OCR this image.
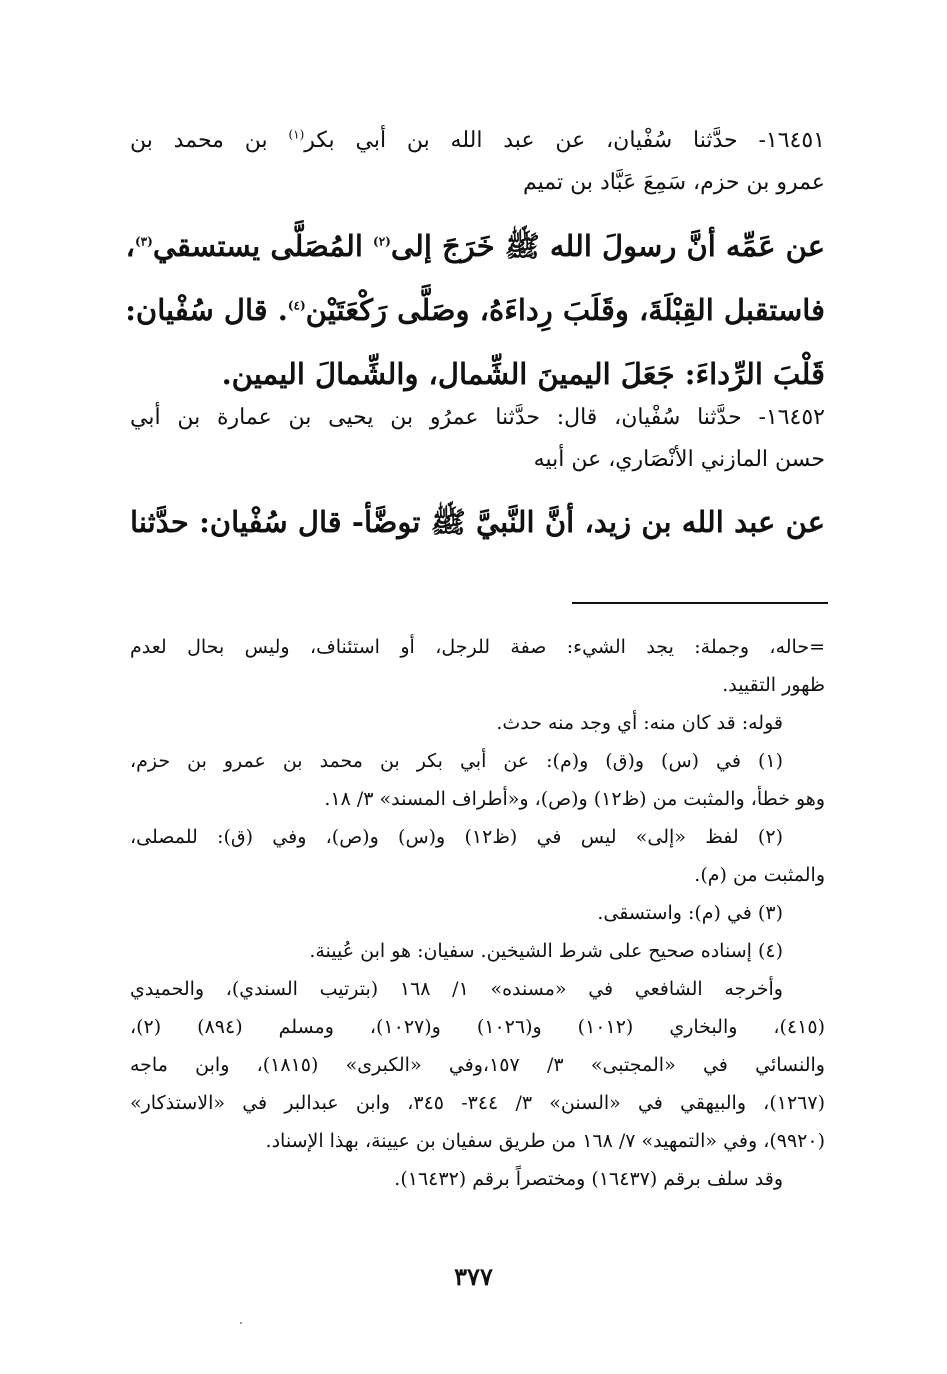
١٦٤٥١- حدَّثنا سُفْيان، عن عبد الله بن أبي بكر$^{(١)}$ بن محمد بن
عمرو بن حزم، سَمِعَ عَبَّاد بن تميم
عن عَمِّه أنَّ رسولَ الله ﷺ خَرَجَ إلى$^{(٢)}$ المُصَلَّى يستسقي$^{(٣)}$،
فاستقبل القِبْلَةَ، وقَلَبَ رِداءَهُ، وصَلَّى رَكْعَتَيْن$^{(٤)}$. قال سُفْيان:
قَلْبَ الرِّداءَ: جَعَلَ اليمينَ الشِّمال، والشِّمالَ اليمين.
١٦٤٥٢- حدَّثنا سُفْيان، قال: حدَّثنا عمرُو بن يحيى بن عمارة بن أبي
حسن المازني الأنْصَاري، عن أبيه
عن عبد الله بن زيد، أنَّ النَّبيَّ ﷺ توضَّأ- قال سُفْيان: حدَّثنا
=حاله، وجملة: يجد الشيء: صفة للرجل، أو استئناف، وليس بحال لعدم
ظهور التقييد.
قوله: قد كان منه: أي وجد منه حدث.
(١) في (س) و(ق) و(م): عن أبي بكر بن محمد بن عمرو بن حزم،
وهو خطأ، والمثبت من (ظ١٢) و(ص)، و«أطراف المسند» ٣/ ١٨.
(٢) لفظ «إلى» ليس في (ظ١٢) و(س) و(ص)، وفي (ق): للمصلى،
والمثبت من (م).
(٣) في (م): واستسقى.
(٤) إسناده صحيح على شرط الشيخين. سفيان: هو ابن عُيينة.
وأخرجه الشافعي في «مسنده» ١/ ١٦٨ (بترتيب السندي)، والحميدي
(٤١٥)، والبخاري (١٠١٢) و(١٠٢٦) و(١٠٢٧)، ومسلم (٨٩٤) (٢)،
والنسائي في «المجتبى» ٣/ ١٥٧،وفي «الكبرى» (١٨١٥)، وابن ماجه
(١٢٦٧)، والبيهقي في «السنن» ٣/ ٣٤٤- ٣٤٥، وابن عبدالبر في «الاستذكار»
(٩٩٢٠)، وفي «التمهيد» ٧/ ١٦٨ من طريق سفيان بن عيينة، بهذا الإسناد.
وقد سلف برقم (١٦٤٣٧) ومختصراً برقم (١٦٤٣٢).
٣٧٧
